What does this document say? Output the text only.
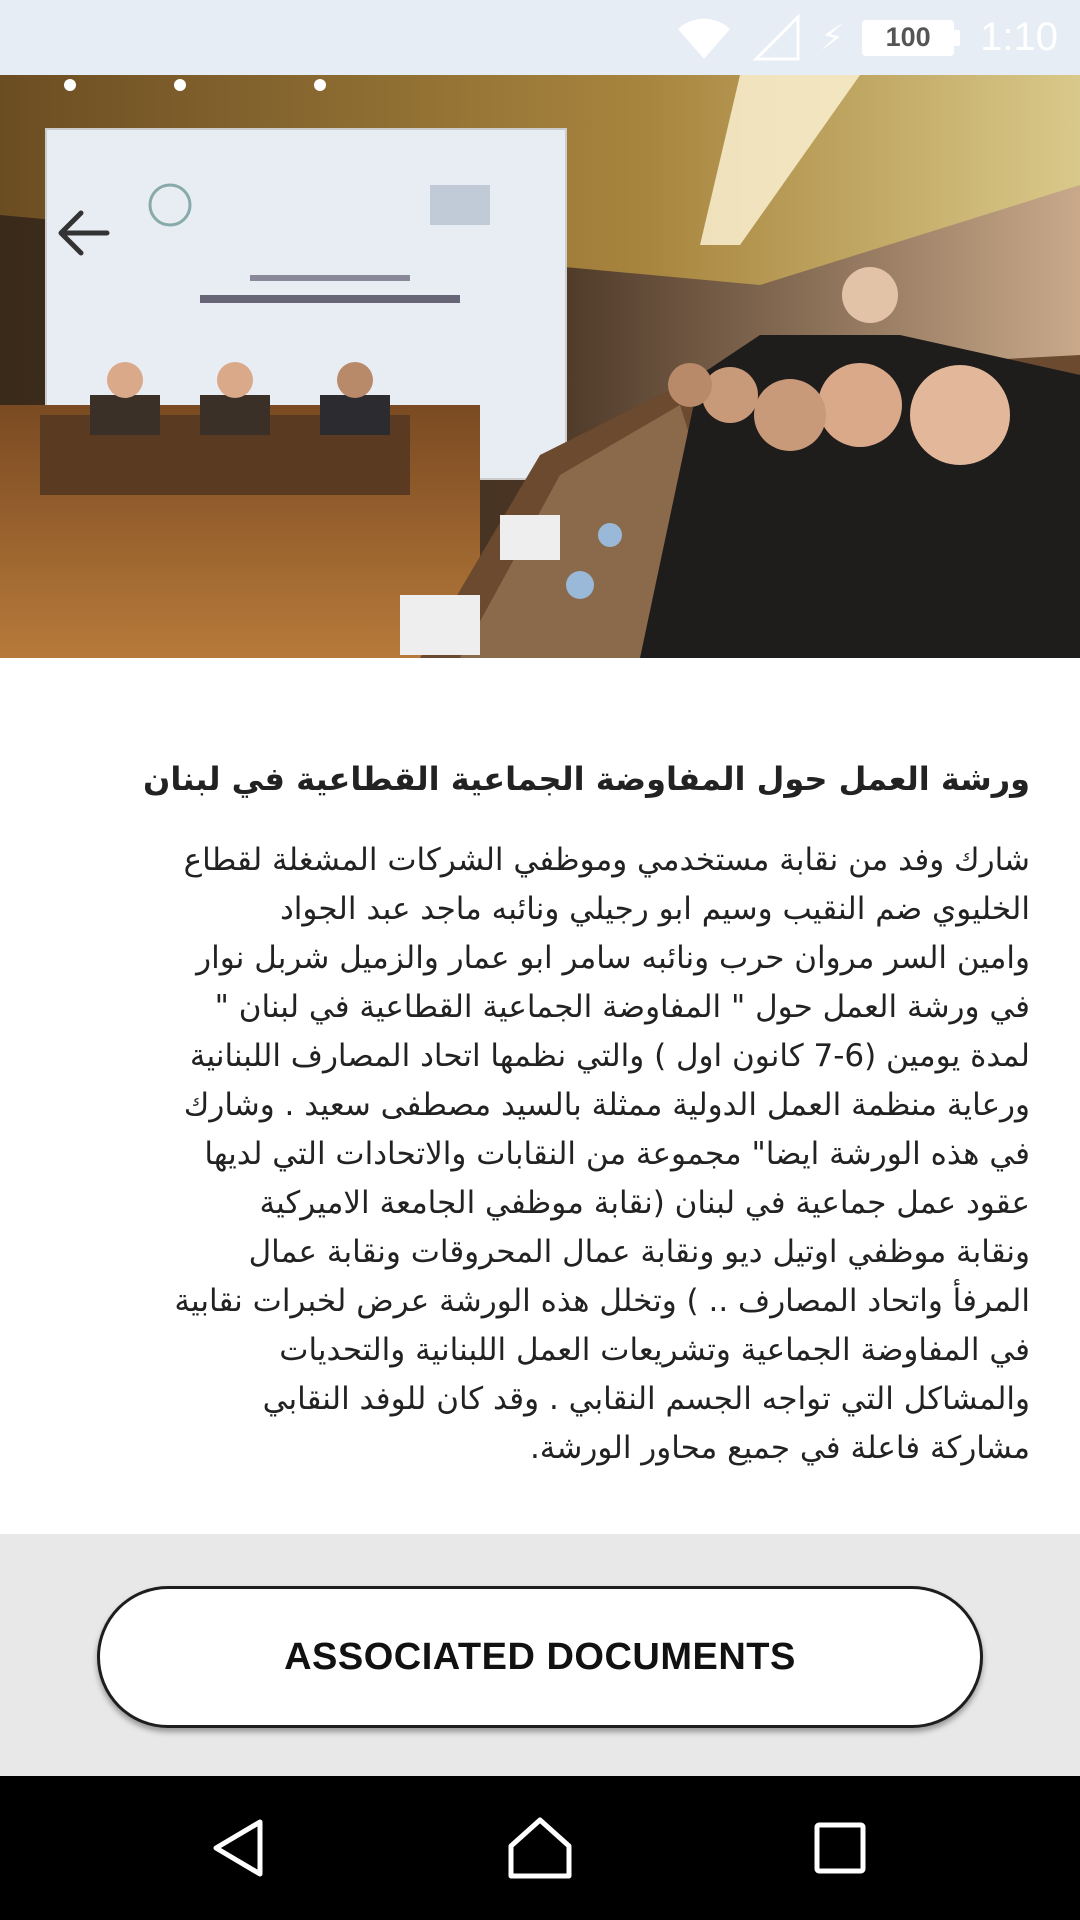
⚡ 100 1:10
ورشة العمل حول المفاوضة الجماعية القطاعية في لبنان
شارك وفد من نقابة مستخدمي وموظفي الشركات المشغلة لقطاع
الخليوي ضم النقيب وسيم ابو رجيلي ونائبه ماجد عبد الجواد
وامين السر مروان حرب ونائبه سامر ابو عمار والزميل شربل نوار
في ورشة العمل حول " المفاوضة الجماعية القطاعية في لبنان "
لمدة يومين (6-7 كانون اول ) والتي نظمها اتحاد المصارف اللبنانية
ورعاية منظمة العمل الدولية ممثلة بالسيد مصطفى سعيد . وشارك
في هذه الورشة ايضا" مجموعة من النقابات والاتحادات التي لديها
عقود عمل جماعية في لبنان (نقابة موظفي الجامعة الاميركية
ونقابة موظفي اوتيل ديو ونقابة عمال المحروقات ونقابة عمال
المرفأ واتحاد المصارف .. ) وتخلل هذه الورشة عرض لخبرات نقابية
في المفاوضة الجماعية وتشريعات العمل اللبنانية والتحديات
والمشاكل التي تواجه الجسم النقابي . وقد كان للوفد النقابي
مشاركة فاعلة في جميع محاور الورشة.
ASSOCIATED DOCUMENTS
